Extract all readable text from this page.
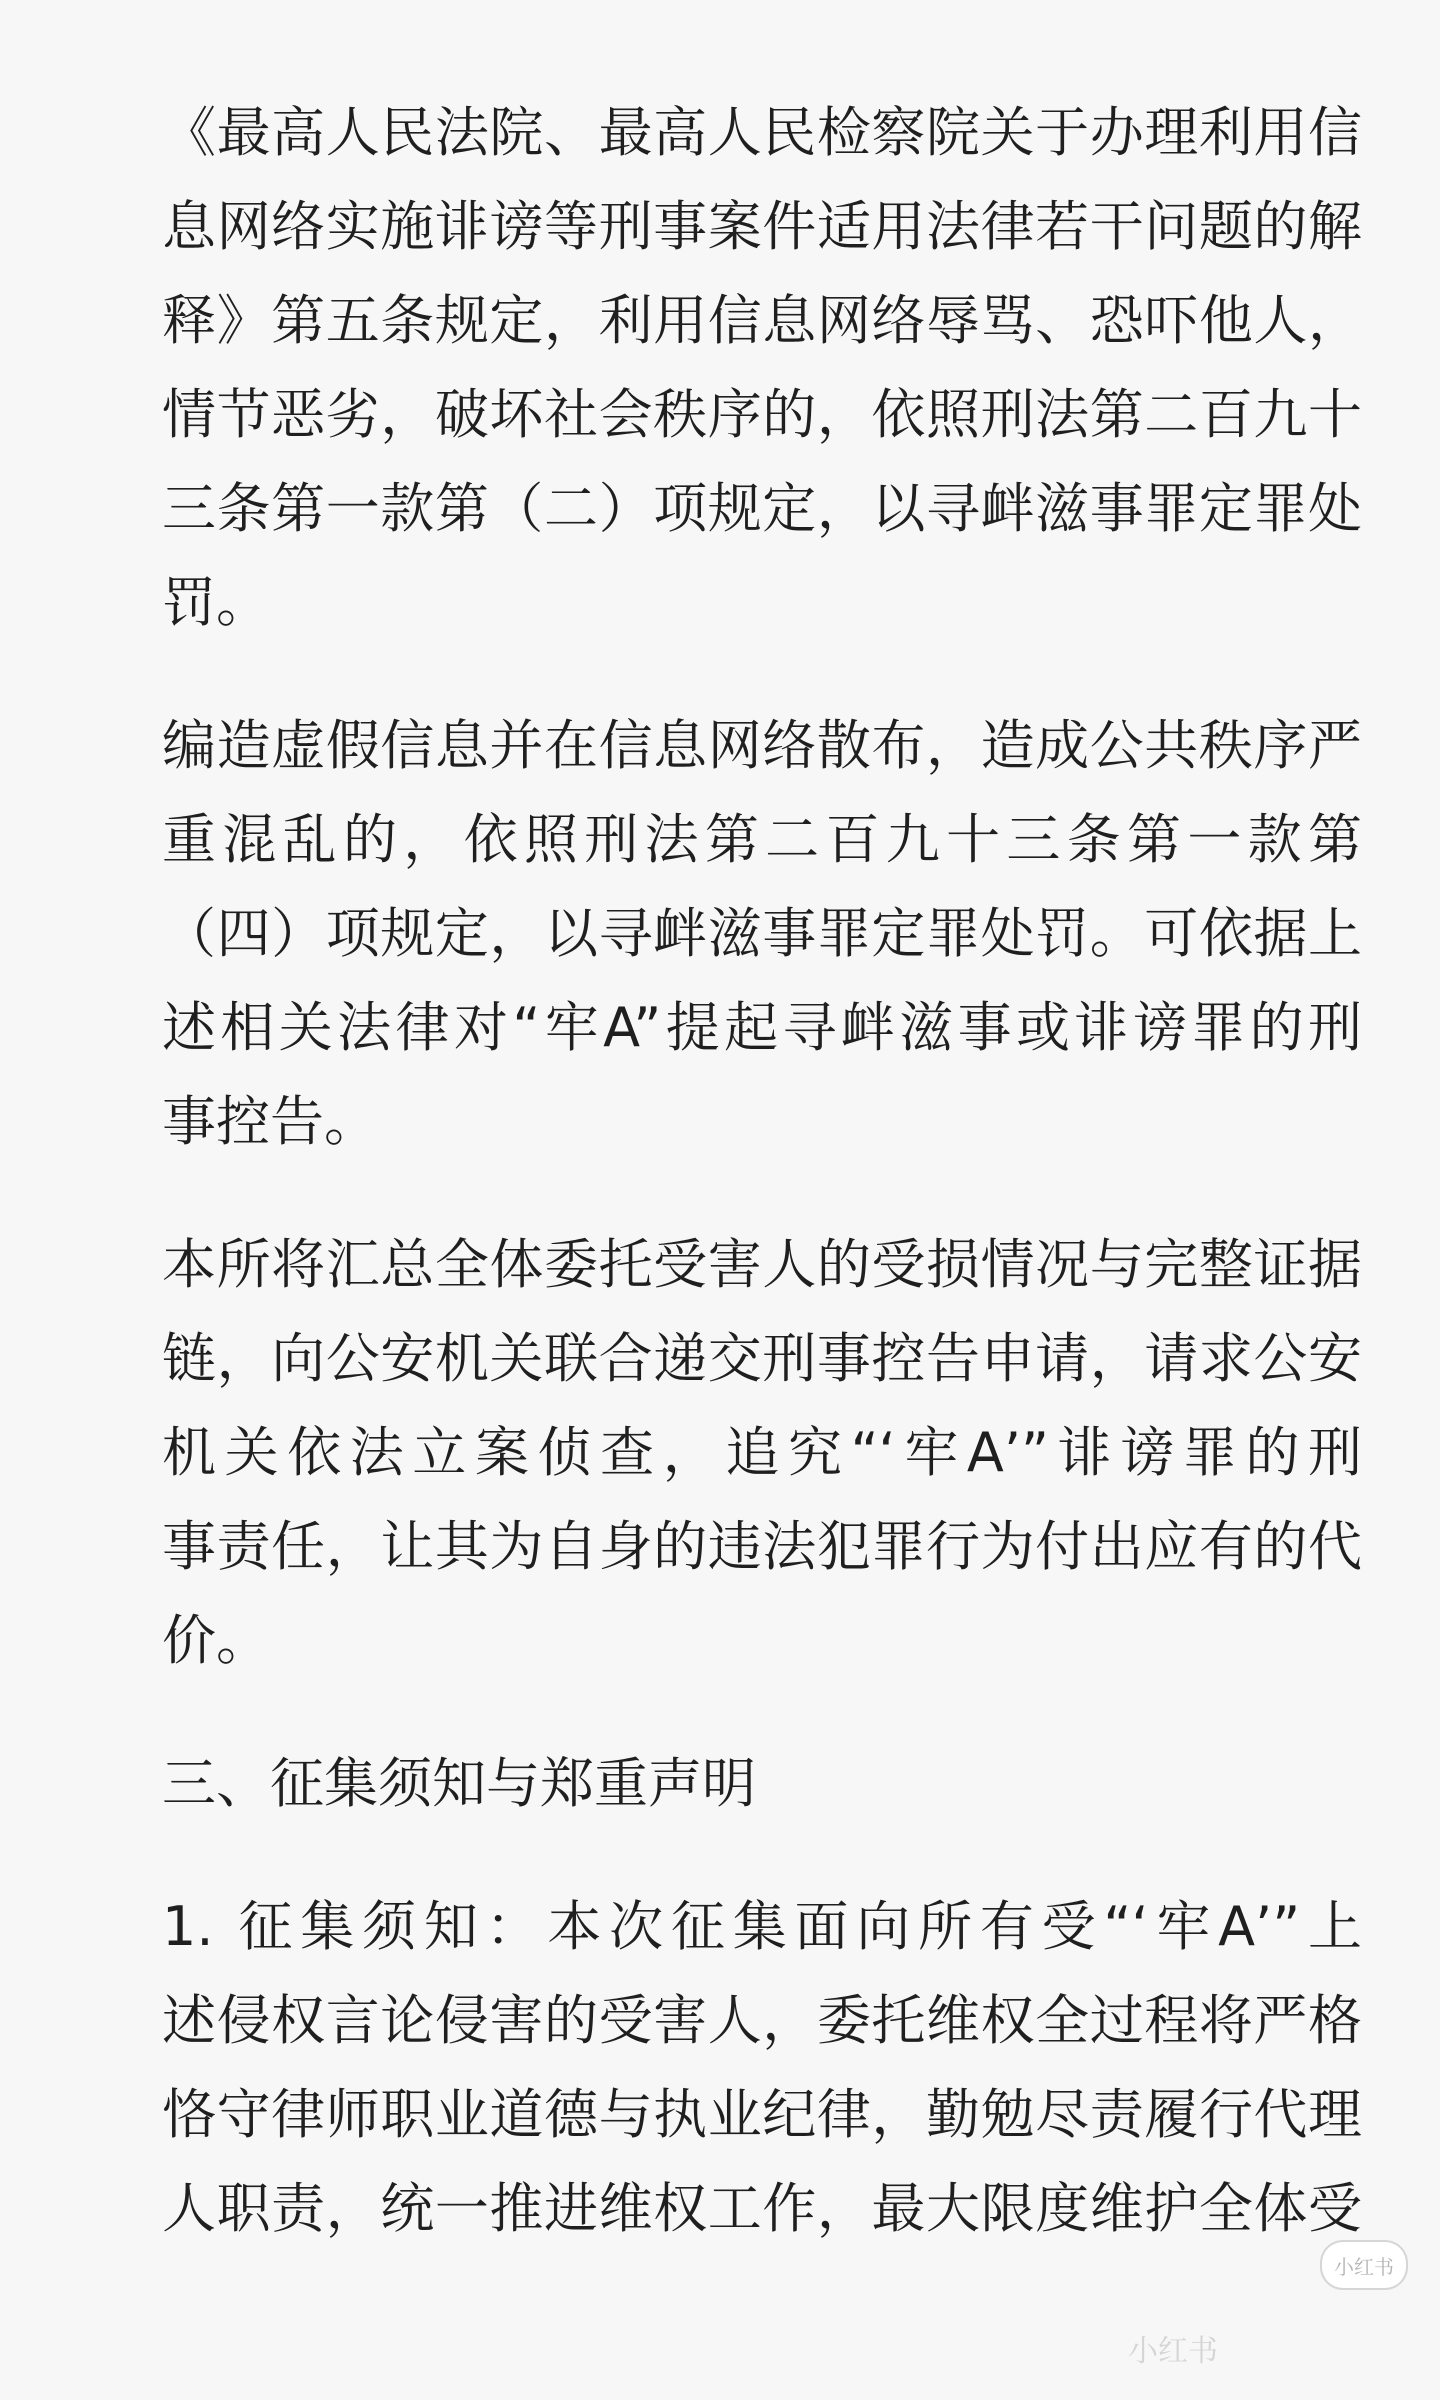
《最高人民法院、最高人民检察院关于办理利用信
息网络实施诽谤等刑事案件适用法律若干问题的解
释》第五条规定，利用信息网络辱骂、恐吓他人，
情节恶劣，破坏社会秩序的，依照刑法第二百九十
三条第一款第（二）项规定，以寻衅滋事罪定罪处
罚。

编造虚假信息并在信息网络散布，造成公共秩序严
重混乱的，依照刑法第二百九十三条第一款第
（四）项规定，以寻衅滋事罪定罪处罚。可依据上
述相关法律对“牢A”提起寻衅滋事或诽谤罪的刑
事控告。

本所将汇总全体委托受害人的受损情况与完整证据
链，向公安机关联合递交刑事控告申请，请求公安
机关依法立案侦查，追究“‘牢A’”诽谤罪的刑
事责任，让其为自身的违法犯罪行为付出应有的代
价。

三、征集须知与郑重声明

1. 征集须知：本次征集面向所有受“‘牢A’”上
述侵权言论侵害的受害人，委托维权全过程将严格
恪守律师职业道德与执业纪律，勤勉尽责履行代理
人职责，统一推进维权工作，最大限度维护全体受

小红书
小红书
